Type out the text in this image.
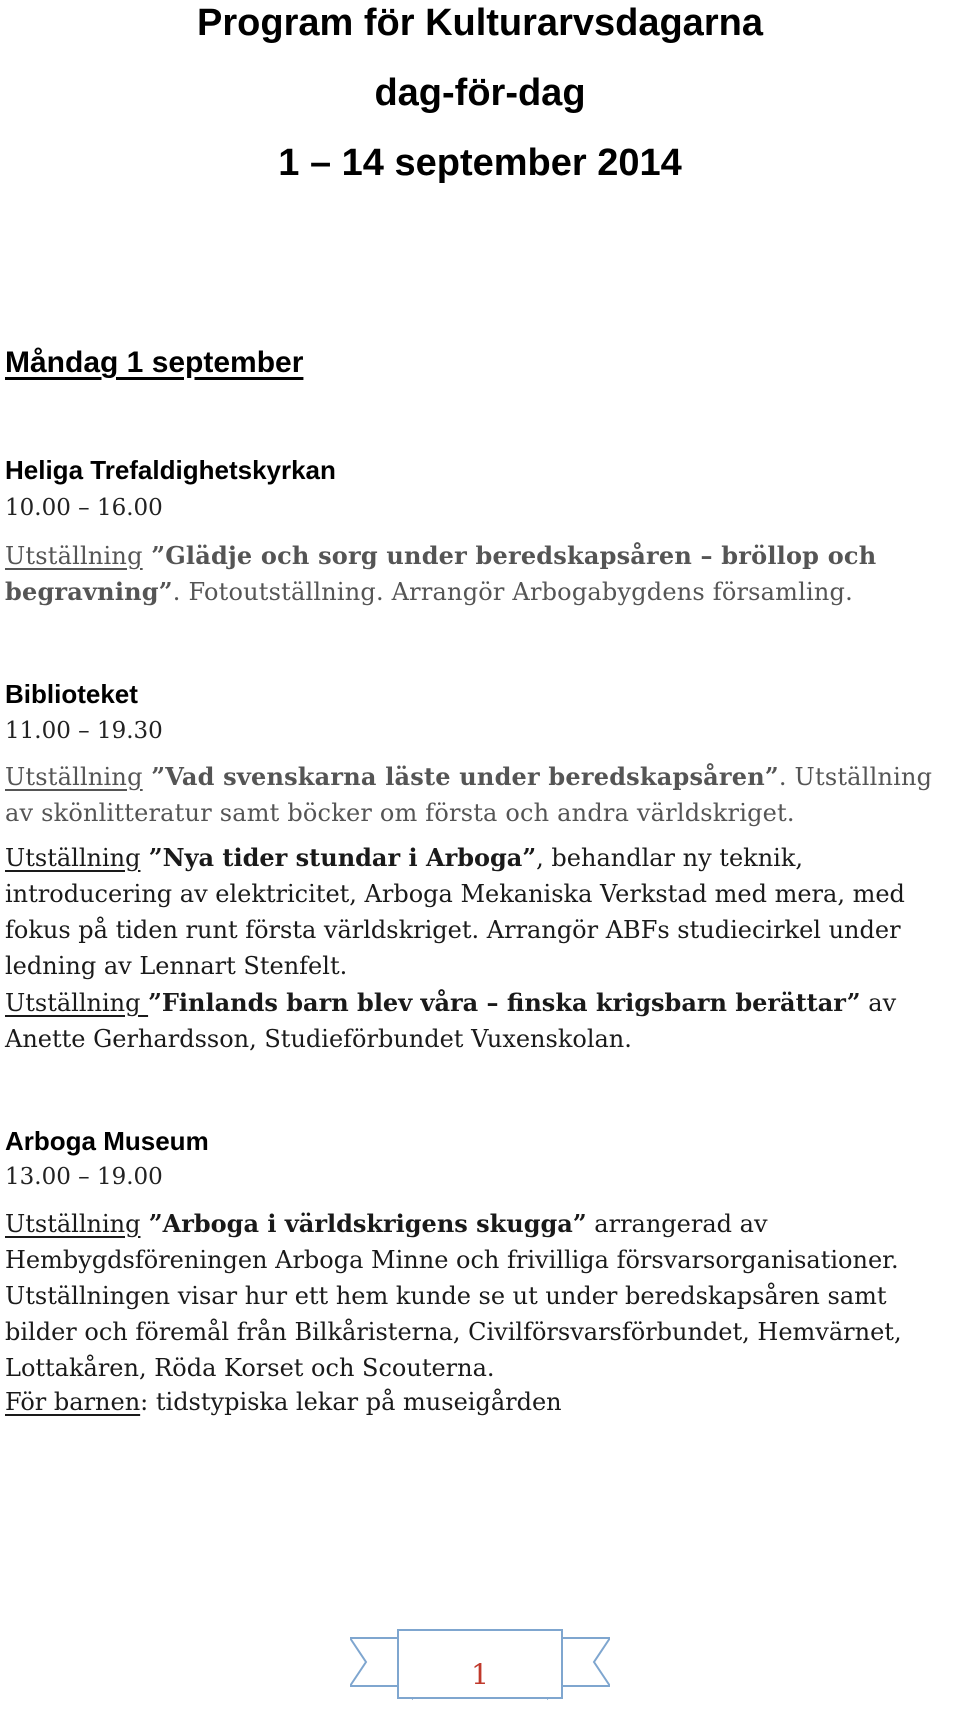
Program för Kulturarvsdagarna
dag-för-dag
1 – 14 september 2014
Måndag 1 september
Heliga Trefaldighetskyrkan
10.00 – 16.00
Utställning ”Glädje och sorg under beredskapsåren – bröllop och begravning”. Fotoutställning. Arrangör Arbogabygdens församling.
Biblioteket
11.00 – 19.30
Utställning ”Vad svenskarna läste under beredskapsåren”. Utställning av skönlitteratur samt böcker om första och andra världskriget.
Utställning ”Nya tider stundar i Arboga”, behandlar ny teknik, introducering av elektricitet, Arboga Mekaniska Verkstad med mera, med fokus på tiden runt första världskriget. Arrangör ABFs studiecirkel under ledning av Lennart Stenfelt.
Utställning ”Finlands barn blev våra – finska krigsbarn berättar” av Anette Gerhardsson, Studieförbundet Vuxenskolan.
Arboga Museum
13.00 – 19.00
Utställning ”Arboga i världskrigens skugga” arrangerad av Hembygdsföreningen Arboga Minne och frivilliga försvarsorganisationer. Utställningen visar hur ett hem kunde se ut under beredskapsåren samt bilder och föremål från Bilkåristerna, Civilförsvarsförbundet, Hemvärnet, Lottakåren, Röda Korset och Scouterna.
För barnen: tidstypiska lekar på museigården
1
